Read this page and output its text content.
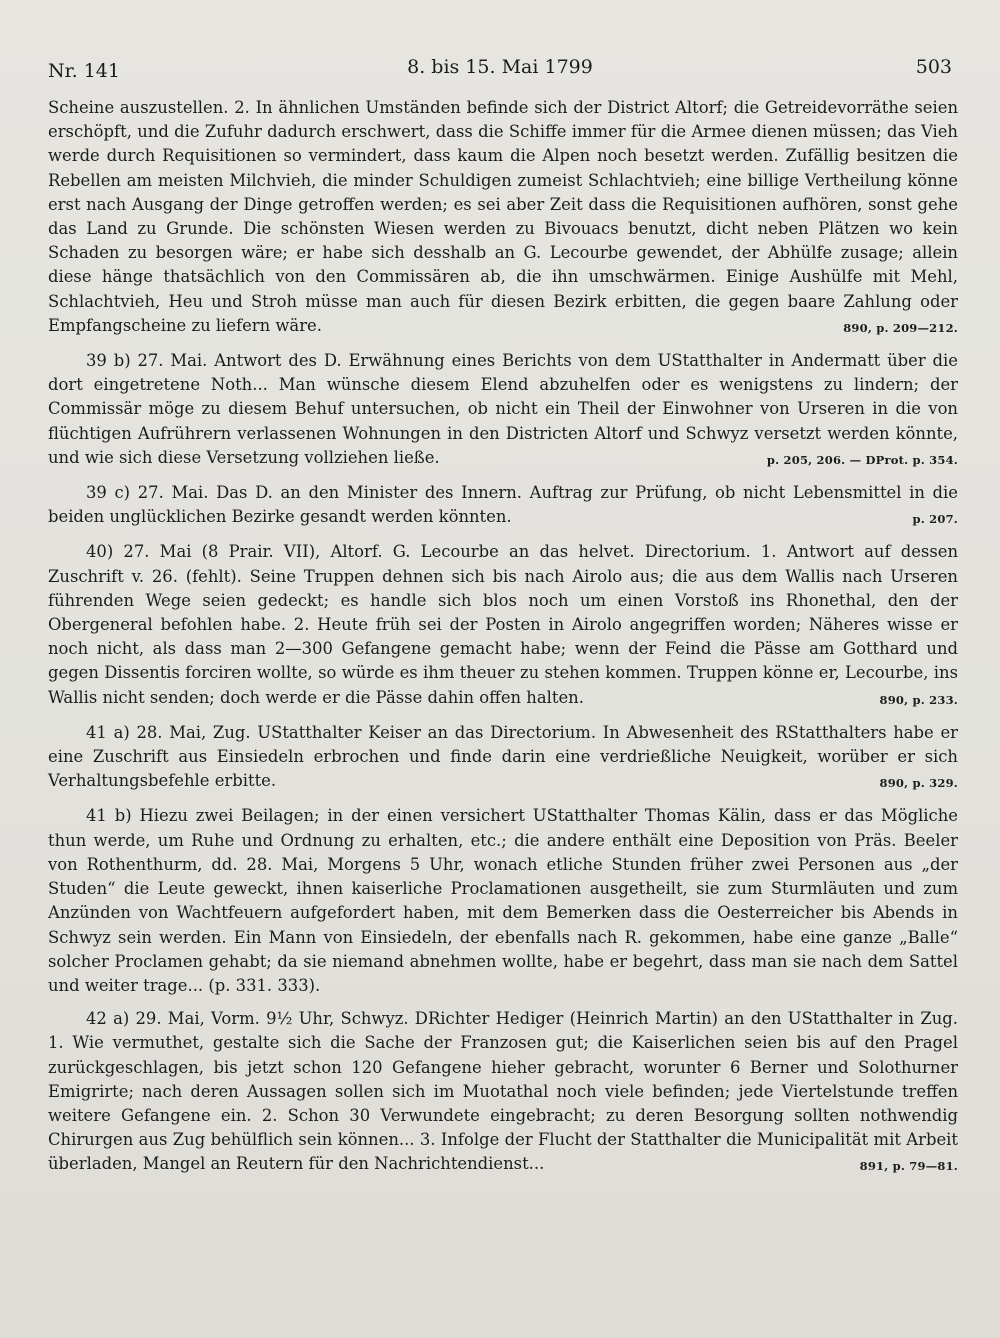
Nr. 141	8. bis 15. Mai 1799	503

Scheine auszustellen. 2. In ähnlichen Umständen befinde sich der District Altorf; die Getreidevorräthe seien erschöpft, und die Zufuhr dadurch erschwert, dass die Schiffe immer für die Armee dienen müssen; das Vieh werde durch Requisitionen so vermindert, dass kaum die Alpen noch besetzt werden. Zufällig besitzen die Rebellen am meisten Milchvieh, die minder Schuldigen zumeist Schlachtvieh; eine billige Vertheilung könne erst nach Ausgang der Dinge getroffen werden; es sei aber Zeit dass die Requisitionen aufhören, sonst gehe das Land zu Grunde. Die schönsten Wiesen werden zu Bivouacs benutzt, dicht neben Plätzen wo kein Schaden zu besorgen wäre; er habe sich desshalb an G. Lecourbe gewendet, der Abhülfe zusage; allein diese hänge thatsächlich von den Commissären ab, die ihn umschwärmen. Einige Aushülfe mit Mehl, Schlachtvieh, Heu und Stroh müsse man auch für diesen Bezirk erbitten, die gegen baare Zahlung oder Empfangscheine zu liefern wäre.	890, p. 209—212.

39 b) 27. Mai. Antwort des D. Erwähnung eines Berichts von dem UStatthalter in Andermatt über die dort eingetretene Noth... Man wünsche diesem Elend abzuhelfen oder es wenigstens zu lindern; der Commissär möge zu diesem Behuf untersuchen, ob nicht ein Theil der Einwohner von Urseren in die von flüchtigen Aufrührern verlassenen Wohnungen in den Districten Altorf und Schwyz versetzt werden könnte, und wie sich diese Versetzung vollziehen ließe.	p. 205, 206. — DProt. p. 354.

39 c) 27. Mai. Das D. an den Minister des Innern. Auftrag zur Prüfung, ob nicht Lebensmittel in die beiden unglücklichen Bezirke gesandt werden könnten.	p. 207.

40) 27. Mai (8 Prair. VII), Altorf. G. Lecourbe an das helvet. Directorium. 1. Antwort auf dessen Zuschrift v. 26. (fehlt). Seine Truppen dehnen sich bis nach Airolo aus; die aus dem Wallis nach Urseren führenden Wege seien gedeckt; es handle sich blos noch um einen Vorstoß ins Rhonethal, den der Obergeneral befohlen habe. 2. Heute früh sei der Posten in Airolo angegriffen worden; Näheres wisse er noch nicht, als dass man 2—300 Gefangene gemacht habe; wenn der Feind die Pässe am Gotthard und gegen Dissentis forciren wollte, so würde es ihm theuer zu stehen kommen. Truppen könne er, Lecourbe, ins Wallis nicht senden; doch werde er die Pässe dahin offen halten.	890, p. 233.

41 a) 28. Mai, Zug. UStatthalter Keiser an das Directorium. In Abwesenheit des RStatthalters habe er eine Zuschrift aus Einsiedeln erbrochen und finde darin eine verdrießliche Neuigkeit, worüber er sich Verhaltungsbefehle erbitte.	890, p. 329.

41 b) Hiezu zwei Beilagen; in der einen versichert UStatthalter Thomas Kälin, dass er das Mögliche thun werde, um Ruhe und Ordnung zu erhalten, etc.; die andere enthält eine Deposition von Präs. Beeler von Rothenthurm, dd. 28. Mai, Morgens 5 Uhr, wonach etliche Stunden früher zwei Personen aus „der Studen“ die Leute geweckt, ihnen kaiserliche Proclamationen ausgetheilt, sie zum Sturmläuten und zum Anzünden von Wachtfeuern aufgefordert haben, mit dem Bemerken dass die Oesterreicher bis Abends in Schwyz sein werden. Ein Mann von Einsiedeln, der ebenfalls nach R. gekommen, habe eine ganze „Balle“ solcher Proclamen gehabt; da sie niemand abnehmen wollte, habe er begehrt, dass man sie nach dem Sattel und weiter trage... (p. 331. 333).

42 a) 29. Mai, Vorm. 9½ Uhr, Schwyz. DRichter Hediger (Heinrich Martin) an den UStatthalter in Zug. 1. Wie vermuthet, gestalte sich die Sache der Franzosen gut; die Kaiserlichen seien bis auf den Pragel zurückgeschlagen, bis jetzt schon 120 Gefangene hieher gebracht, worunter 6 Berner und Solothurner Emigrirte; nach deren Aussagen sollen sich im Muotathal noch viele befinden; jede Viertelstunde treffen weitere Gefangene ein. 2. Schon 30 Verwundete eingebracht; zu deren Besorgung sollten nothwendig Chirurgen aus Zug behülflich sein können... 3. Infolge der Flucht der Statthalter die Municipalität mit Arbeit überladen, Mangel an Reutern für den Nachrichtendienst...	891, p. 79—81.
